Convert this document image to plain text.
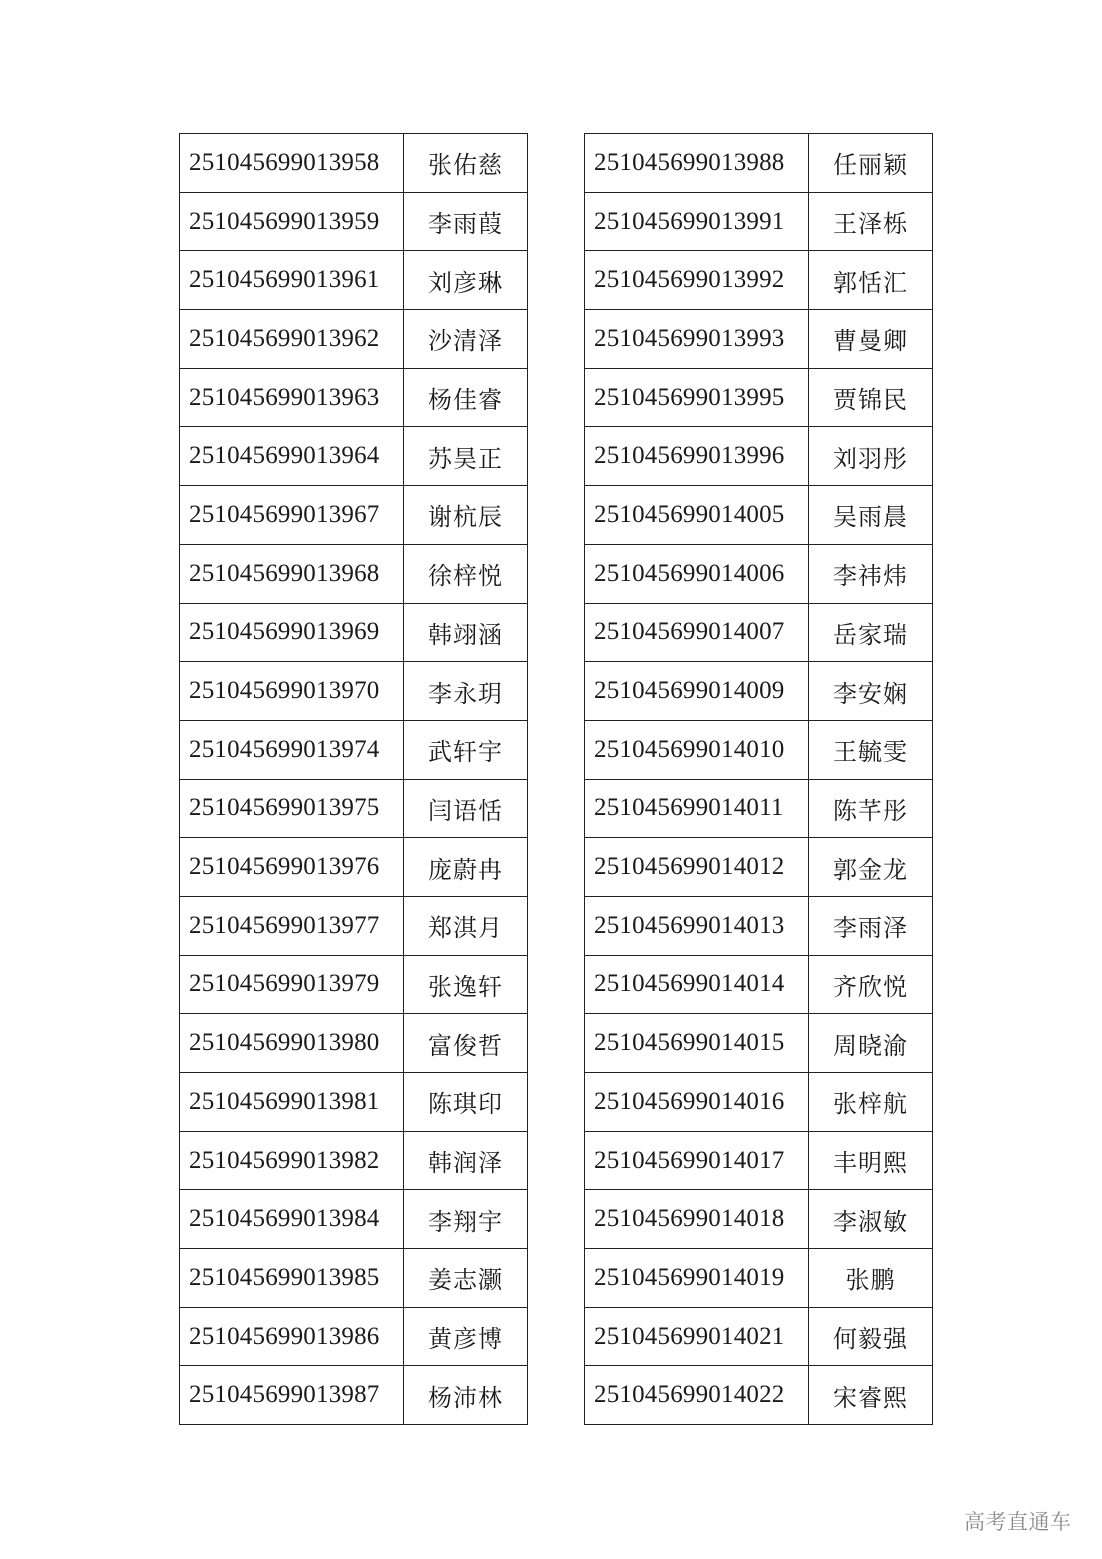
251045699013958	张佑慈
251045699013959	李雨葭
251045699013961	刘彦琳
251045699013962	沙清泽
251045699013963	杨佳睿
251045699013964	苏昊正
251045699013967	谢杭辰
251045699013968	徐梓悦
251045699013969	韩翊涵
251045699013970	李永玥
251045699013974	武轩宇
251045699013975	闫语恬
251045699013976	庞蔚冉
251045699013977	郑淇月
251045699013979	张逸轩
251045699013980	富俊哲
251045699013981	陈琪印
251045699013982	韩润泽
251045699013984	李翔宇
251045699013985	姜志灏
251045699013986	黄彦博
251045699013987	杨沛林
251045699013988	任丽颖
251045699013991	王泽栎
251045699013992	郭恬汇
251045699013993	曹曼卿
251045699013995	贾锦民
251045699013996	刘羽彤
251045699014005	吴雨晨
251045699014006	李祎炜
251045699014007	岳家瑞
251045699014009	李安娴
251045699014010	王毓雯
251045699014011	陈芊彤
251045699014012	郭金龙
251045699014013	李雨泽
251045699014014	齐欣悦
251045699014015	周晓渝
251045699014016	张梓航
251045699014017	丰明熙
251045699014018	李淑敏
251045699014019	张鹏
251045699014021	何毅强
251045699014022	宋睿熙
高考直通车
